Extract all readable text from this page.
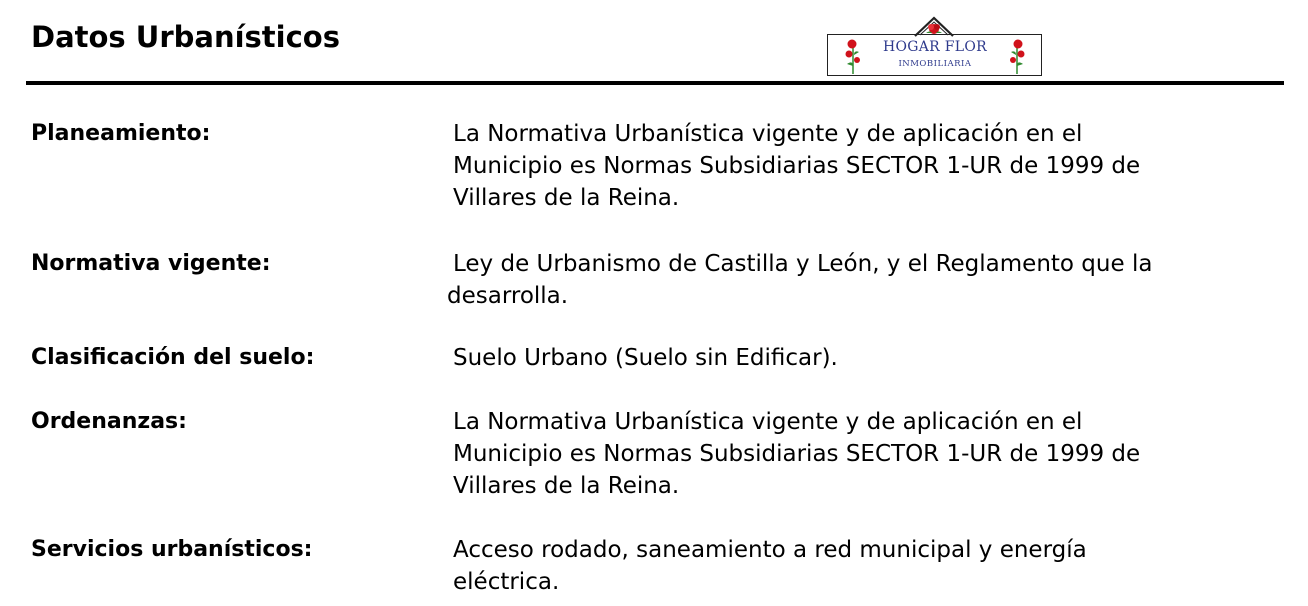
Datos Urbanísticos	HOGAR FLOR
INMOBILIARIA
Planeamiento:	La Normativa Urbanística vigente y de aplicación en el
Municipio es Normas Subsidiarias SECTOR 1-UR de 1999 de
Villares de la Reina.
Normativa vigente:	Ley de Urbanismo de Castilla y León, y el Reglamento que la
desarrolla.
Clasificación del suelo:	Suelo Urbano (Suelo sin Edificar).
Ordenanzas:	La Normativa Urbanística vigente y de aplicación en el
Municipio es Normas Subsidiarias SECTOR 1-UR de 1999 de
Villares de la Reina.
Servicios urbanísticos:	Acceso rodado, saneamiento a red municipal y energía
eléctrica.
